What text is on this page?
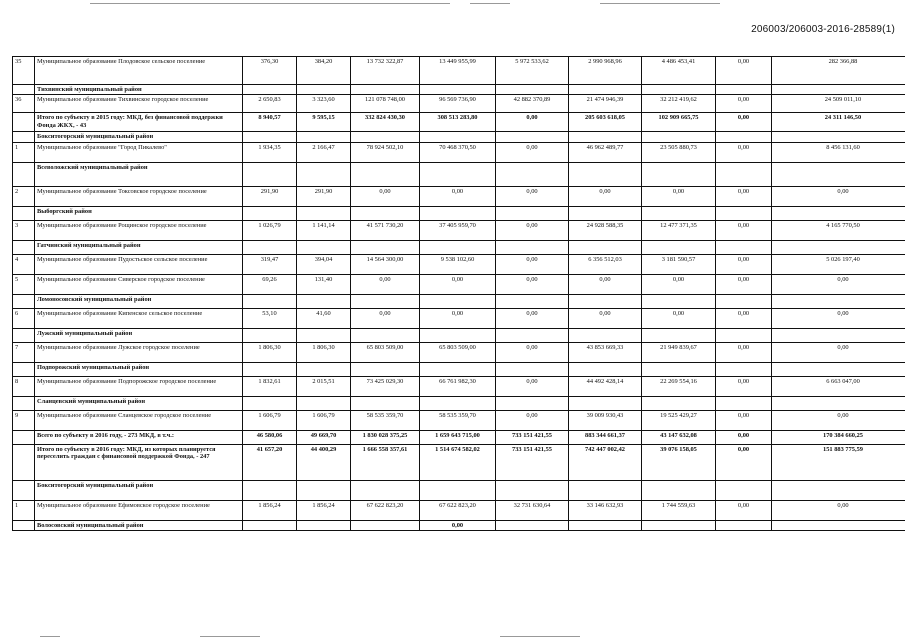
206003/206003-2016-28589(1)
35	Муниципальное образование Плодовское сельское поселение	376,30	384,20	13 732 322,87	13 449 955,99	5 972 533,62	2 990 968,96	4 486 453,41	0,00	282 366,88
	Тихвинский муниципальный район									
36	Муниципальное образование Тихвинское городское поселение	2 650,83	3 323,60	121 078 748,00	96 569 736,90	42 882 370,89	21 474 946,39	32 212 419,62	0,00	24 509 011,10
	Итого по субъекту в 2015 году: МКД, без финансовой поддержки Фонда ЖКХ, - 43	8 940,57	9 595,15	332 824 430,30	308 513 283,80	0,00	205 603 618,05	102 909 665,75	0,00	24 311 146,50
	Бокситогорский муниципальный район									
1	Муниципальное образование "Город Пикалево"	1 934,35	2 166,47	78 924 502,10	70 468 370,50	0,00	46 962 489,77	23 505 880,73	0,00	8 456 131,60
	Всеволожский муниципальный район									
2	Муниципальное образование Токсовское городское поселение	291,90	291,90	0,00	0,00	0,00	0,00	0,00	0,00	0,00
	Выборгский район									
3	Муниципальное образование Рощинское городское поселение	1 026,79	1 141,14	41 571 730,20	37 405 959,70	0,00	24 928 588,35	12 477 371,35	0,00	4 165 770,50
	Гатчинский муниципальный район									
4	Муниципальное образование Пудостьское сельское поселение	319,47	394,04	14 564 300,00	9 538 102,60	0,00	6 356 512,03	3 181 590,57	0,00	5 026 197,40
5	Муниципальное образование Сиверское городское поселение	69,26	131,40	0,00	0,00	0,00	0,00	0,00	0,00	0,00
	Ломоносовский муниципальный район									
6	Муниципальное образование Кипенское сельское поселение	53,10	41,60	0,00	0,00	0,00	0,00	0,00	0,00	0,00
	Лужский муниципальный район									
7	Муниципальное образование Лужское городское поселение	1 806,30	1 806,30	65 803 509,00	65 803 509,00	0,00	43 853 669,33	21 949 839,67	0,00	0,00
	Подпорожский муниципальный район									
8	Муниципальное образование Подпорожское городское поселение	1 832,61	2 015,51	73 425 029,30	66 761 982,30	0,00	44 492 428,14	22 269 554,16	0,00	6 663 047,00
	Сланцевский муниципальный район									
9	Муниципальное образование Сланцевское городское поселение	1 606,79	1 606,79	58 535 359,70	58 535 359,70	0,00	39 009 930,43	19 525 429,27	0,00	0,00
	Всего по субъекту в 2016 году, - 273 МКД, в т.ч.:	46 580,06	49 669,70	1 830 028 375,25	1 659 643 715,00	733 151 421,55	883 344 661,37	43 147 632,08	0,00	170 384 660,25
	Итого по субъекту в 2016 году: МКД, из которых планируется переселить граждан с финансовой поддержкой Фонда, - 247	41 657,20	44 400,29	1 666 558 357,61	1 514 674 582,02	733 151 421,55	742 447 002,42	39 076 158,05	0,00	151 883 775,59
	Бокситогорский муниципальный район									
1	Муниципальное образование Ефимовское городское поселение	1 856,24	1 856,24	67 622 823,20	67 622 823,20	32 731 630,64	33 146 632,93	1 744 559,63	0,00	0,00
	Волосовский муниципальный район				0,00					
